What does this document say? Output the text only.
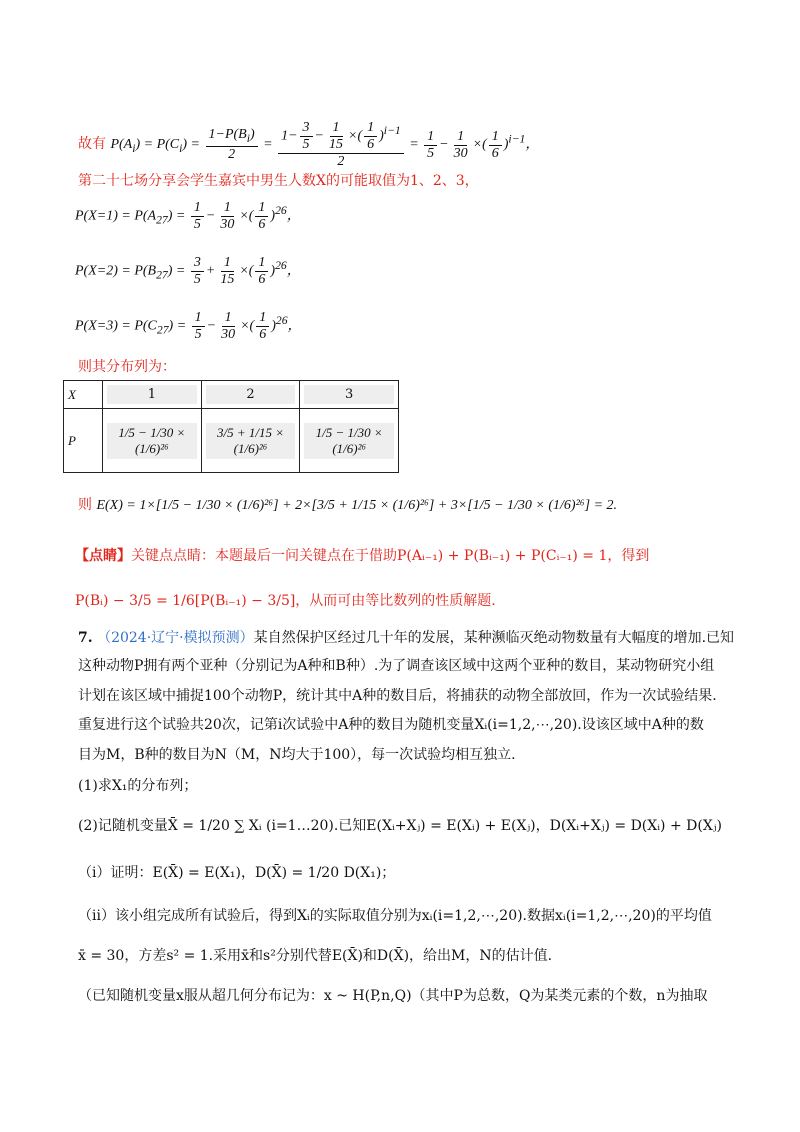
故有 $P(A_i) = P(C_i) = \frac{1-P(B_i)}{2} = \frac{1- \frac{3}{5} - \frac{1}{15} \times( \frac{1}{6} )^{i-1}}{2} = \frac{1}{5} - \frac{1}{30}$ ×( $\frac{1}{6} )^{i-1}$，
第二十七场分享会学生嘉宾中男生人数X的可能取值为1、2、3，
$P(X=1) = P(A_{27}) = \frac{1}{5} - \frac{1}{30}$ ×( $\frac{1}{6} )^{26}$，
$P(X=2) = P(B_{27}) = \frac{3}{5} + \frac{1}{15}$ ×( $\frac{1}{6} )^{26}$，
$P(X=3) = P(C_{27}) = \frac{1}{5} - \frac{1}{30}$ ×( $\frac{1}{6} )^{26}$，
则其分布列为：
X	1	2	3

P	1/5 − 1/30 × (1/6)²⁶	3/5 + 1/15 × (1/6)²⁶	1/5 − 1/30 × (1/6)²⁶
则 E(X) = 1×[1/5 − 1/30 × (1/6)²⁶] + 2×[3/5 + 1/15 × (1/6)²⁶] + 3×[1/5 − 1/30 × (1/6)²⁶] = 2.
【点睛】关键点点睛：本题最后一问关键点在于借助P(Aᵢ₋₁) + P(Bᵢ₋₁) + P(Cᵢ₋₁) = 1，得到
P(Bᵢ) − 3/5 = 1/6[P(Bᵢ₋₁) − 3/5]，从而可由等比数列的性质解题.
7. （2024·辽宁·模拟预测）某自然保护区经过几十年的发展，某种濒临灭绝动物数量有大幅度的增加.已知
这种动物P拥有两个亚种（分别记为A种和B种）.为了调查该区域中这两个亚种的数目，某动物研究小组
计划在该区域中捕捉100个动物P，统计其中A种的数目后，将捕获的动物全部放回，作为一次试验结果.
重复进行这个试验共20次，记第i次试验中A种的数目为随机变量Xᵢ(i=1,2,⋯,20).设该区域中A种的数
目为M，B种的数目为N（M，N均大于100），每一次试验均相互独立.
(1)求X₁的分布列；
(2)记随机变量X̄ = 1/20 ∑ Xᵢ (i=1…20).已知E(Xᵢ+Xⱼ) = E(Xᵢ) + E(Xⱼ)，D(Xᵢ+Xⱼ) = D(Xᵢ) + D(Xⱼ)
（i）证明：E(X̄) = E(X₁)，D(X̄) = 1/20 D(X₁)；
（ii）该小组完成所有试验后，得到Xᵢ的实际取值分别为xᵢ(i=1,2,⋯,20).数据xᵢ(i=1,2,⋯,20)的平均值
x̄ = 30，方差s² = 1.采用x̄和s²分别代替E(X̄)和D(X̄)，给出M，N的估计值.
（已知随机变量x服从超几何分布记为：x ~ H(P,n,Q)（其中P为总数，Q为某类元素的个数，n为抽取
